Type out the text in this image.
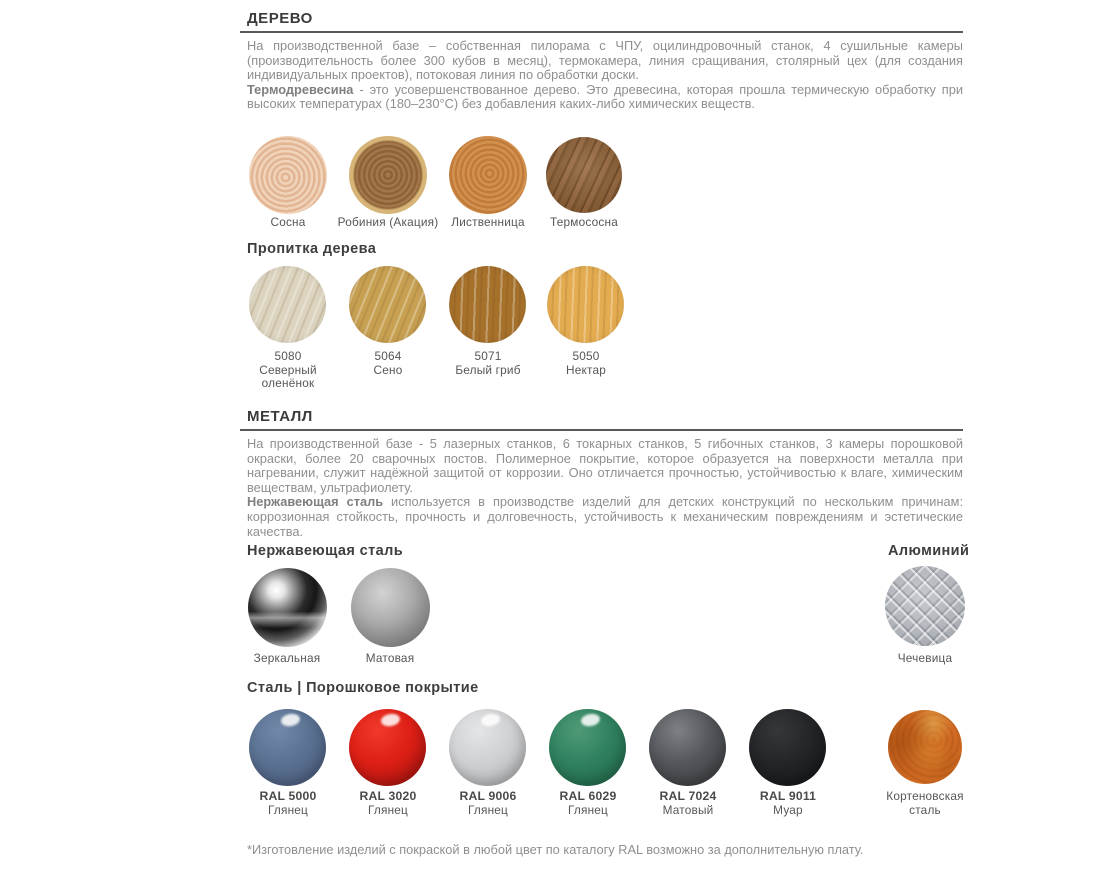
ДЕРЕВО

На производственной базе – собственная пилорама с ЧПУ, оцилиндровочный станок, 4 сушильные камеры (производительность более 300 кубов в месяц), термокамера, линия сращивания, столярный цех (для создания индивидуальных проектов), потоковая линия по обработки доски.

Термодревесина - это усовершенствованное дерево. Это древесина, которая прошла термическую обработку при высоких температурах (180–230°C) без добавления каких-либо химических веществ.

Сосна	Робиния (Акация)	Лиственница	Термососна
Пропитка дерева
5080
Северный оленёнок
5064
Сено
5071
Белый гриб
5050
Нектар
МЕТАЛЛ

На производственной базе - 5 лазерных станков, 6 токарных станков, 5 гибочных станков, 3 камеры порошковой окраски, более 20 сварочных постов. Полимерное покрытие, которое образуется на поверхности металла при нагревании, служит надёжной защитой от коррозии. Оно отличается прочностью, устойчивостью к влаге, химическим веществам, ультрафиолету.

Нержавеющая сталь используется в производстве изделий для детских конструкций по нескольким причинам: коррозионная стойкость, прочность и долговечность, устойчивость к механическим повреждениям и эстетические качества.

Нержавеющая сталь	Алюминий
Зеркальная	Матовая	Чечевица
Сталь | Порошковое покрытие
RAL 5000
Глянец
RAL 3020
Глянец
RAL 9006
Глянец
RAL 6029
Глянец
RAL 7024
Матовый
RAL 9011
Муар
Кортеновская
сталь
*Изготовление изделий с покраской в любой цвет по каталогу RAL возможно за дополнительную плату.
